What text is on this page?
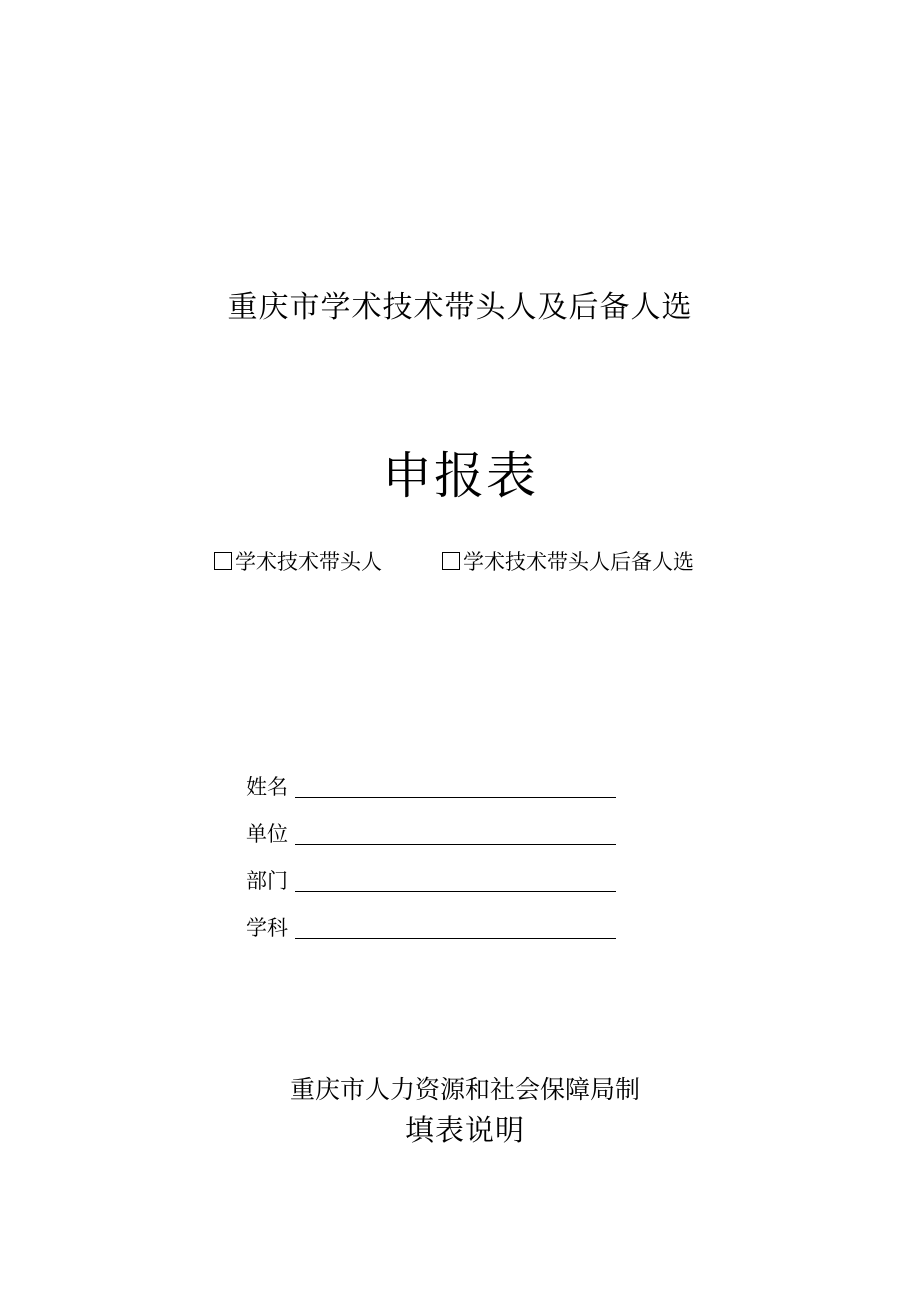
重庆市学术技术带头人及后备人选
申报表
学术技术带头人	学术技术带头人后备人选
姓名
单位
部门
学科
重庆市人力资源和社会保障局制
填表说明
